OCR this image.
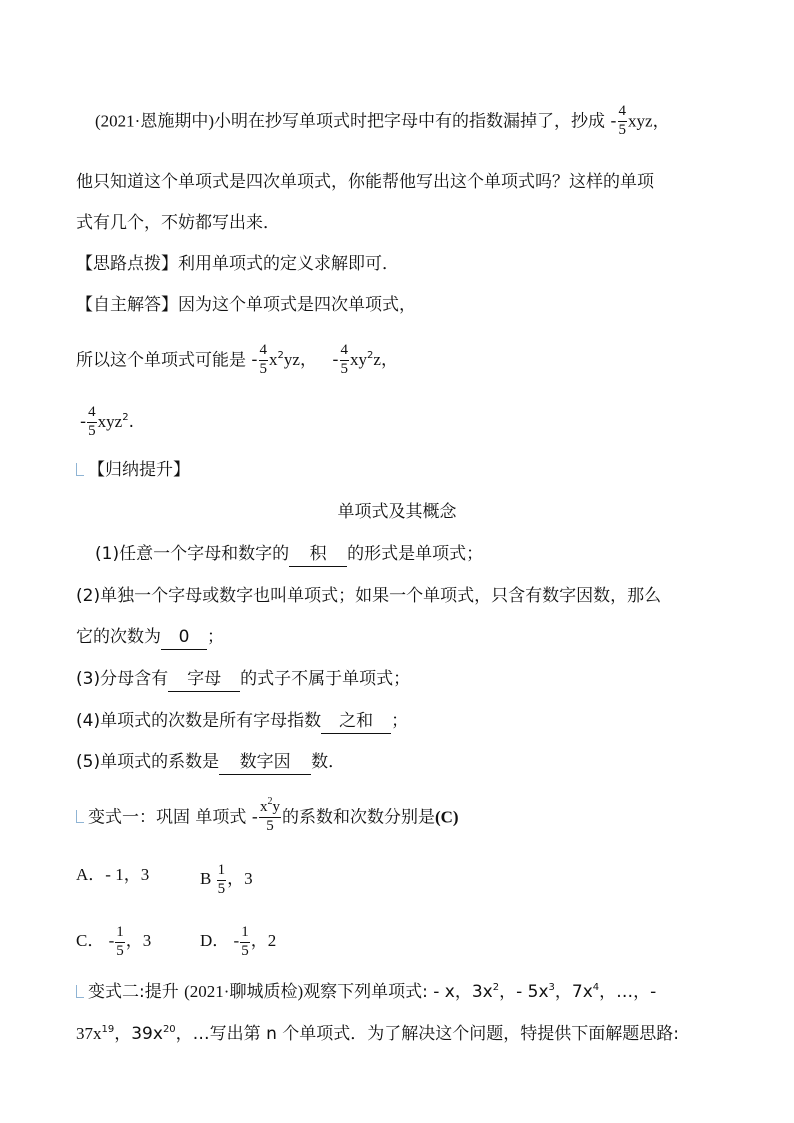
(2021·恩施期中)小明在抄写单项式时把字母中有的指数漏掉了，抄成 - $\frac{4}{5}$ xyz，
他只知道这个单项式是四次单项式，你能帮他写出这个单项式吗？这样的单项
式有几个，不妨都写出来．
【思路点拨】利用单项式的定义求解即可．
【自主解答】因为这个单项式是四次单项式，
所以这个单项式可能是 - $\frac{4}{5} x^2yz$， - $\frac{4}{5} xy^2z$，
- $\frac{4}{5} xyz^2$.
【归纳提升】
单项式及其概念
(1)任意一个字母和数字的 积 的形式是单项式；
(2)单独一个字母或数字也叫单项式；如果一个单项式，只含有数字因数，那么
它的次数为 0 ；
(3)分母含有 字母 的式子不属于单项式；
(4)单项式的次数是所有字母指数 之和 ；
(5)单项式的系数是 数字因 数．
变式一：巩固 单项式 - $\frac{x^2y}{5}$ 的系数和次数分别是(C)
A．- 1，3	B $\frac{1}{5}$ ，3
C． - $\frac{1}{5}$ ，3	D． - $\frac{1}{5}$ ，2
变式二:提升 (2021·聊城质检)观察下列单项式: - x，$3x^2$，- $5x^3$，$7x^4$，…，-
$37x^{19}$，$39x^{20}$，…写出第 n 个单项式．为了解决这个问题，特提供下面解题思路:
